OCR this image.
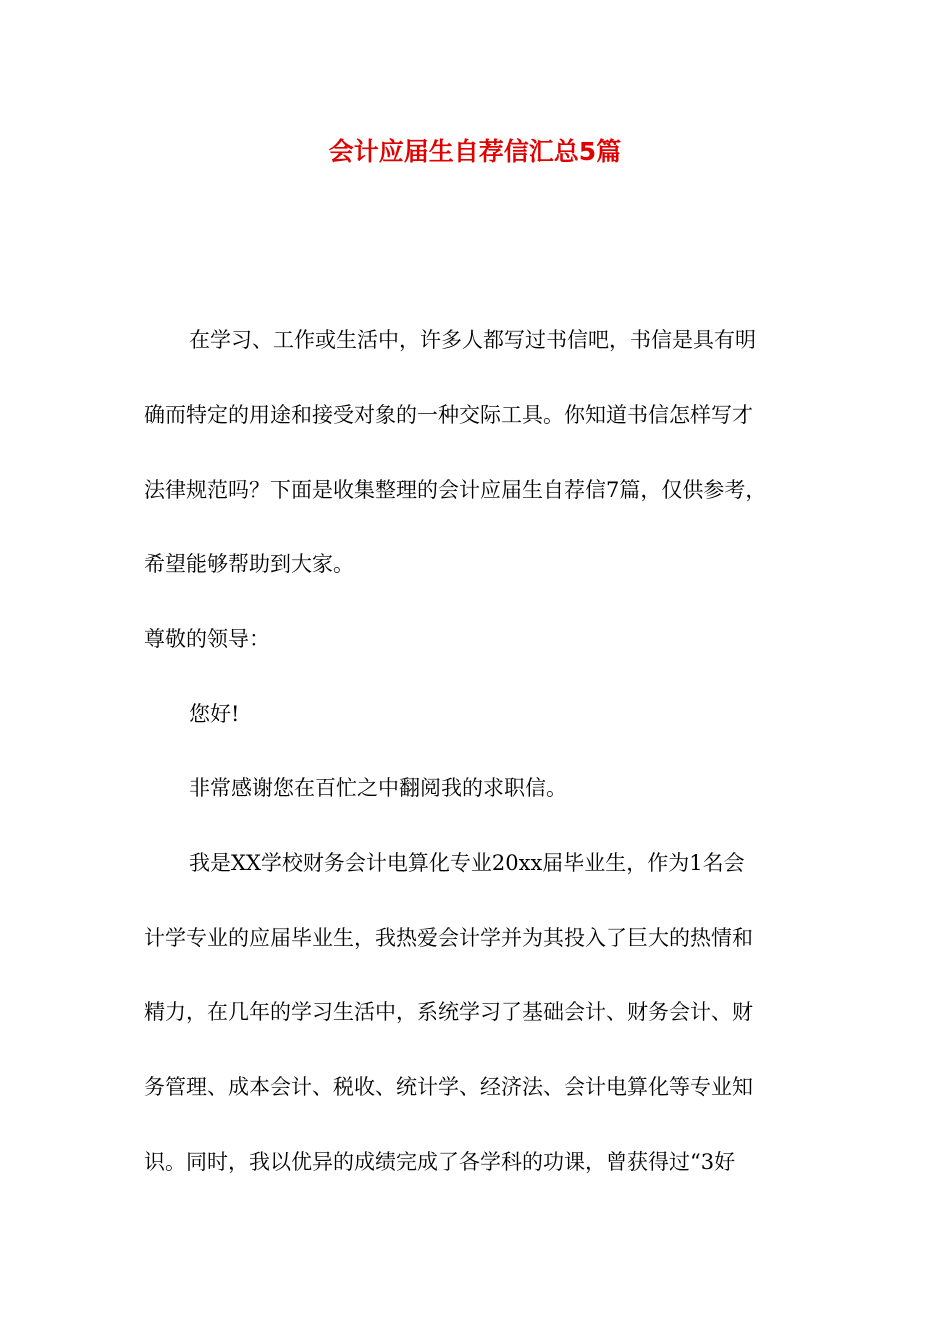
会计应届生自荐信汇总5篇

在学习、工作或生活中，许多人都写过书信吧，书信是具有明

确而特定的用途和接受对象的一种交际工具。你知道书信怎样写才

法律规范吗？下面是收集整理的会计应届生自荐信7篇，仅供参考，

希望能够帮助到大家。

尊敬的领导：

您好!

非常感谢您在百忙之中翻阅我的求职信。

我是XX学校财务会计电算化专业20xx届毕业生，作为1名会

计学专业的应届毕业生，我热爱会计学并为其投入了巨大的热情和

精力，在几年的学习生活中，系统学习了基础会计、财务会计、财

务管理、成本会计、税收、统计学、经济法、会计电算化等专业知

识。同时，我以优异的成绩完成了各学科的功课，曾获得过“3好
